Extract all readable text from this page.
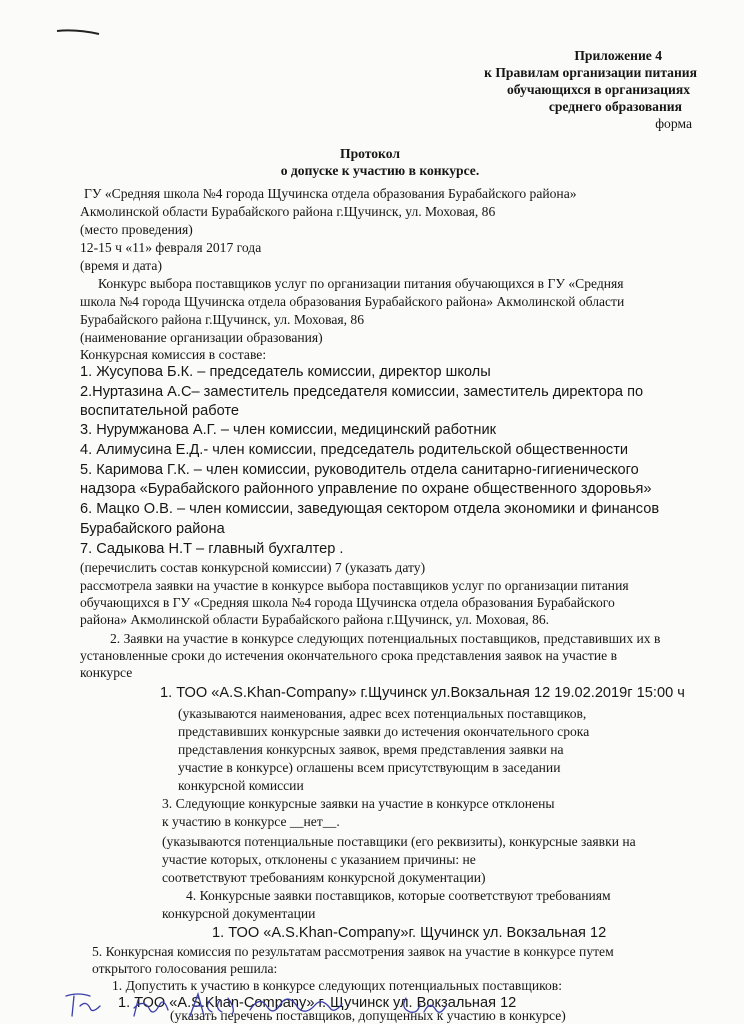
Приложение 4
к Правилам организации питания
обучающихся в организациях
среднего образования
форма
Протокол
о допуске к участию в конкурсе.
ГУ «Средняя школа №4 города Щучинска отдела образования Бурабайского района»
Акмолинской области Бурабайского района г.Щучинск, ул. Моховая, 86
(место проведения)
12-15 ч «11» февраля 2017 года
(время и дата)
Конкурс выбора поставщиков услуг по организации питания обучающихся в ГУ «Средняя
школа №4 города Щучинска отдела образования Бурабайского района» Акмолинской области
Бурабайского района г.Щучинск, ул. Моховая, 86
(наименование организации образования)
Конкурсная комиссия в составе:
1. Жусупова Б.К. – председатель комиссии, директор школы
2.Нуртазина А.С– заместитель председателя комиссии, заместитель директора по
воспитательной работе
3. Нурумжанова А.Г. – член комиссии, медицинский работник
4. Алимусина Е.Д.- член комиссии, председатель родительской общественности
5. Каримова Г.К. – член комиссии, руководитель отдела санитарно-гигиенического
надзора «Бурабайского районного управление по охране общественного здоровья»
6. Мацко О.В. – член комиссии, заведующая сектором отдела экономики и финансов
Бурабайского района
7. Садыкова Н.Т – главный бухгалтер .
(перечислить состав конкурсной комиссии) 7 (указать дату)
рассмотрела заявки на участие в конкурсе выбора поставщиков услуг по организации питания
обучающихся в ГУ «Средняя школа №4 города Щучинска отдела образования Бурабайского
района» Акмолинской области Бурабайского района г.Щучинск, ул. Моховая, 86.
2. Заявки на участие в конкурсе следующих потенциальных поставщиков, представивших их в
установленные сроки до истечения окончательного срока представления заявок на участие в
конкурсе
1. ТОО «A.S.Khan-Company» г.Щучинск ул.Вокзальная 12 19.02.2019г 15:00 ч
(указываются наименования, адрес всех потенциальных поставщиков,
представивших конкурсные заявки до истечения окончательного срока
представления конкурсных заявок, время представления заявки на
участие в конкурсе) оглашены всем присутствующим в заседании
конкурсной комиссии
3. Следующие конкурсные заявки на участие в конкурсе отклонены
к участию в конкурсе __нет__.
(указываются потенциальные поставщики (его реквизиты), конкурсные заявки на
участие которых, отклонены с указанием причины: не
соответствуют требованиям конкурсной документации)
4. Конкурсные заявки поставщиков, которые соответствуют требованиям
конкурсной документации
1. ТОО «A.S.Khan-Company»г. Щучинск ул. Вокзальная 12
5. Конкурсная комиссия по результатам рассмотрения заявок на участие в конкурсе путем
открытого голосования решила:
1. Допустить к участию в конкурсе следующих потенциальных поставщиков:
1. ТОО «A.S.Khan-Company» г. Щучинск ул. Вокзальная 12
(указать перечень поставщиков, допущенных к участию в конкурсе)
